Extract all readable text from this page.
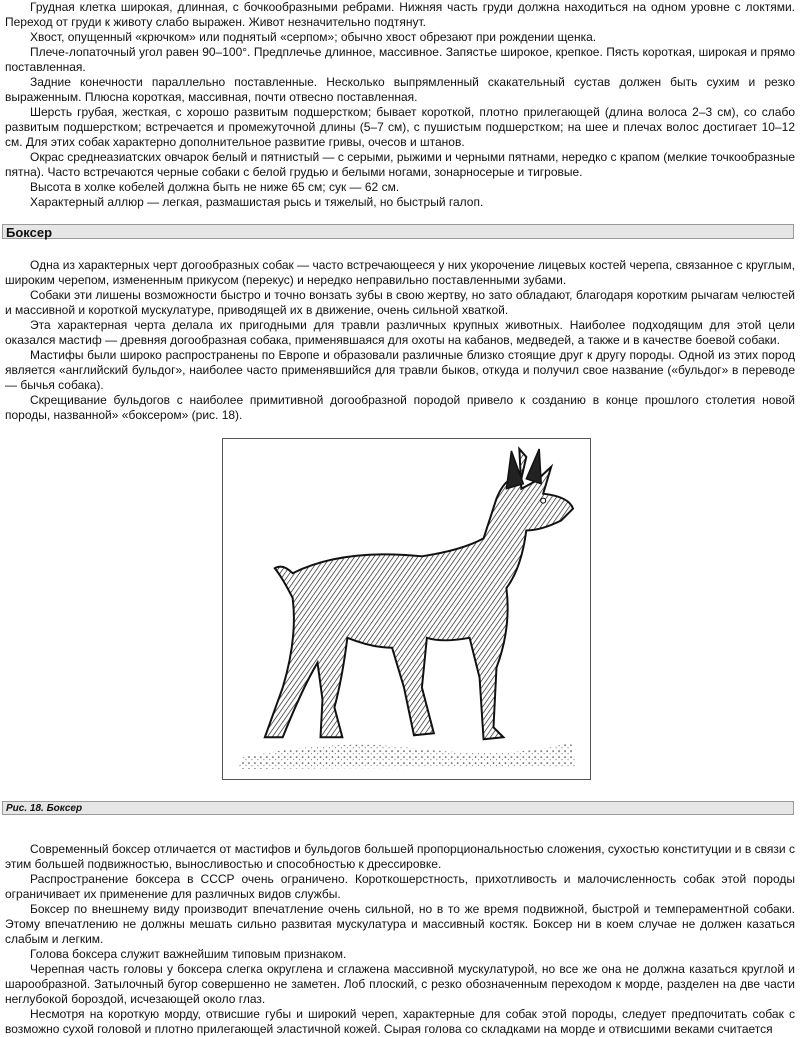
Грудная клетка широкая, длинная, с бочкообразными ребрами. Нижняя часть груди должна находиться на одном уровне с локтями. Переход от груди к животу слабо выражен. Живот незначительно подтянут.

Хвост, опущенный «крючком» или поднятый «серпом»; обычно хвост обрезают при рождении щенка.

Плече-лопаточный угол равен 90–100°. Предплечье длинное, массивное. Запястье широкое, крепкое. Пясть короткая, широкая и прямо поставленная.

Задние конечности параллельно поставленные. Несколько выпрямленный скакательный сустав должен быть сухим и резко выраженным. Плюсна короткая, массивная, почти отвесно поставленная.

Шерсть грубая, жесткая, с хорошо развитым подшерстком; бывает короткой, плотно прилегающей (длина волоса 2–3 см), со слабо развитым подшерстком; встречается и промежуточной длины (5–7 см), с пушистым подшерстком; на шее и плечах волос достигает 10–12 см. Для этих собак характерно дополнительное развитие гривы, очесов и штанов.

Окрас среднеазиатских овчарок белый и пятнистый — с серыми, рыжими и черными пятнами, нередко с крапом (мелкие точкообразные пятна). Часто встречаются черные собаки с белой грудью и белыми ногами, зонарносерые и тигровые.

Высота в холке кобелей должна быть не ниже 65 см; сук — 62 см.

Характерный аллюр — легкая, размашистая рысь и тяжелый, но быстрый галоп.

Боксер

Одна из характерных черт догообразных собак — часто встречающееся у них укорочение лицевых костей черепа, связанное с круглым, широким черепом, измененным прикусом (перекус) и нередко неправильно поставленными зубами.

Собаки эти лишены возможности быстро и точно вонзать зубы в свою жертву, но зато обладают, благодаря коротким рычагам челюстей и массивной и короткой мускулатуре, приводящей их в движение, очень сильной хваткой.

Эта характерная черта делала их пригодными для травли различных крупных животных. Наиболее подходящим для этой цели оказался мастиф — древняя догообразная собака, применявшаяся для охоты на кабанов, медведей, а также и в качестве боевой собаки.

Мастифы были широко распространены по Европе и образовали различные близко стоящие друг к другу породы. Одной из этих пород является «английский бульдог», наиболее часто применявшийся для травли быков, откуда и получил свое название («бульдог» в переводе — бычья собака).

Скрещивание бульдогов с наиболее примитивной догообразной породой привело к созданию в конце прошлого столетия новой породы, названной» «боксером» (рис. 18).

Рис. 18. Боксер

Современный боксер отличается от мастифов и бульдогов большей пропорциональностью сложения, сухостью конституции и в связи с этим большей подвижностью, выносливостью и способностью к дрессировке.

Распространение боксера в СССР очень ограничено. Короткошерстность, прихотливость и малочисленность собак этой породы ограничивает их применение для различных видов службы.

Боксер по внешнему виду производит впечатление очень сильной, но в то же время подвижной, быстрой и темпераментной собаки. Этому впечатлению не должны мешать сильно развитая мускулатура и массивный костяк. Боксер ни в коем случае не должен казаться слабым и легким.

Голова боксера служит важнейшим типовым признаком.

Черепная часть головы у боксера слегка округлена и сглажена массивной мускулатурой, но все же она не должна казаться круглой и шарообразной. Затылочный бугор совершенно не заметен. Лоб плоский, с резко обозначенным переходом к морде, разделен на две части неглубокой бороздой, исчезающей около глаз.

Несмотря на короткую морду, отвисшие губы и широкий череп, характерные для собак этой породы, следует предпочитать собак с возможно сухой головой и плотно прилегающей эластичной кожей. Сырая голова со складками на морде и отвисшими веками считается
